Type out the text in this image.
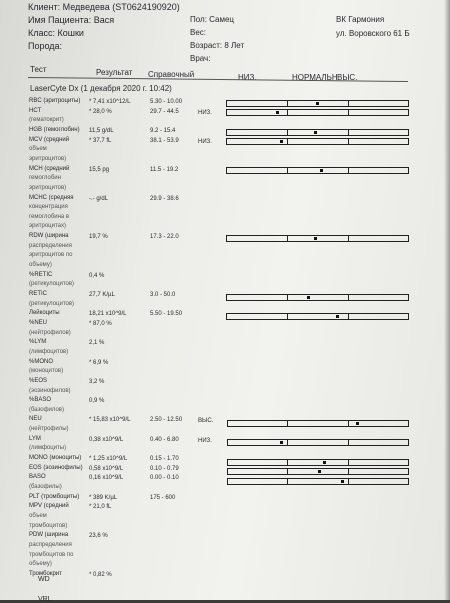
Клиент: Медведева (ST0624190920)
Имя Пациента: Вася
Класс: Кошки
Порода:
Пол: Самец
Вес:
Возраст: 8 Лет
Врач:
ВК Гармония
ул. Воровского 61 Б
Тест	Результат Справочный	НИЗ.	НОРМАЛЬН ВЫС.
LaserCyte Dx (1 декабря 2020 г. 10:42)
RBC (эритроциты) * 7,41 x10^12/L	5.30 - 10.00
HCT	* 28,0 %	29.7 - 44.5	НИЗ.
(гематокрит)
HGB (гемоглобин) 11,5 g/dL	9.2 - 15.4
MCV (средний	* 37,7 fL	38.1 - 53.9	НИЗ.
объем
эритроцитов)
MCH (средний	15,5 pg	11.5 - 19.2
гемоглобин
эритроцитов)
MCHC (средняя	-.- g/dL	29.9 - 38.6
концентрация
гемоглобина в
эритроцитах)
RDW (ширина	19,7 %	17.3 - 22.0
распределения
эритроцитов по
объему)
%RETIC	0,4 %
(ретикулоцитов)
RETIC	27,7 K/µL	3.0 - 50.0
(ретикулоцитов)
Лейкоциты	18,21 x10^9/L	5.50 - 19.50
%NEU	* 87,0 %
(нейтрофилов)
%LYM	2,1 %
(лимфоцитов)
%MONO	* 6,9 %
(моноцитов)
%EOS	3,2 %
(эозинофилов)
%BASO	0,9 %
(базофилов)
NEU	* 15,83 x10^9/L	2.50 - 12.50	ВЫС.
(нейтрофилы)
LYM	0,38 x10^9/L	0.40 - 6.80	НИЗ.
(лимфоциты)
MONO (моноциты) * 1,25 x10^9/L	0.15 - 1.70
EOS (эозинофилы) 0,58 x10^9/L	0.10 - 0.79
BASO	0,16 x10^9/L	0.00 - 0.10
(базофилы)
PLT (тромбоциты) * 389 K/µL	175 - 600
MPV (средний	* 21,0 fL
объем
тромбоцитов)
PDW (ширина	23,6 %
распределения
тромбоцитов по
объему)
Тромбокрит	* 0,82 %
WD
VRL
